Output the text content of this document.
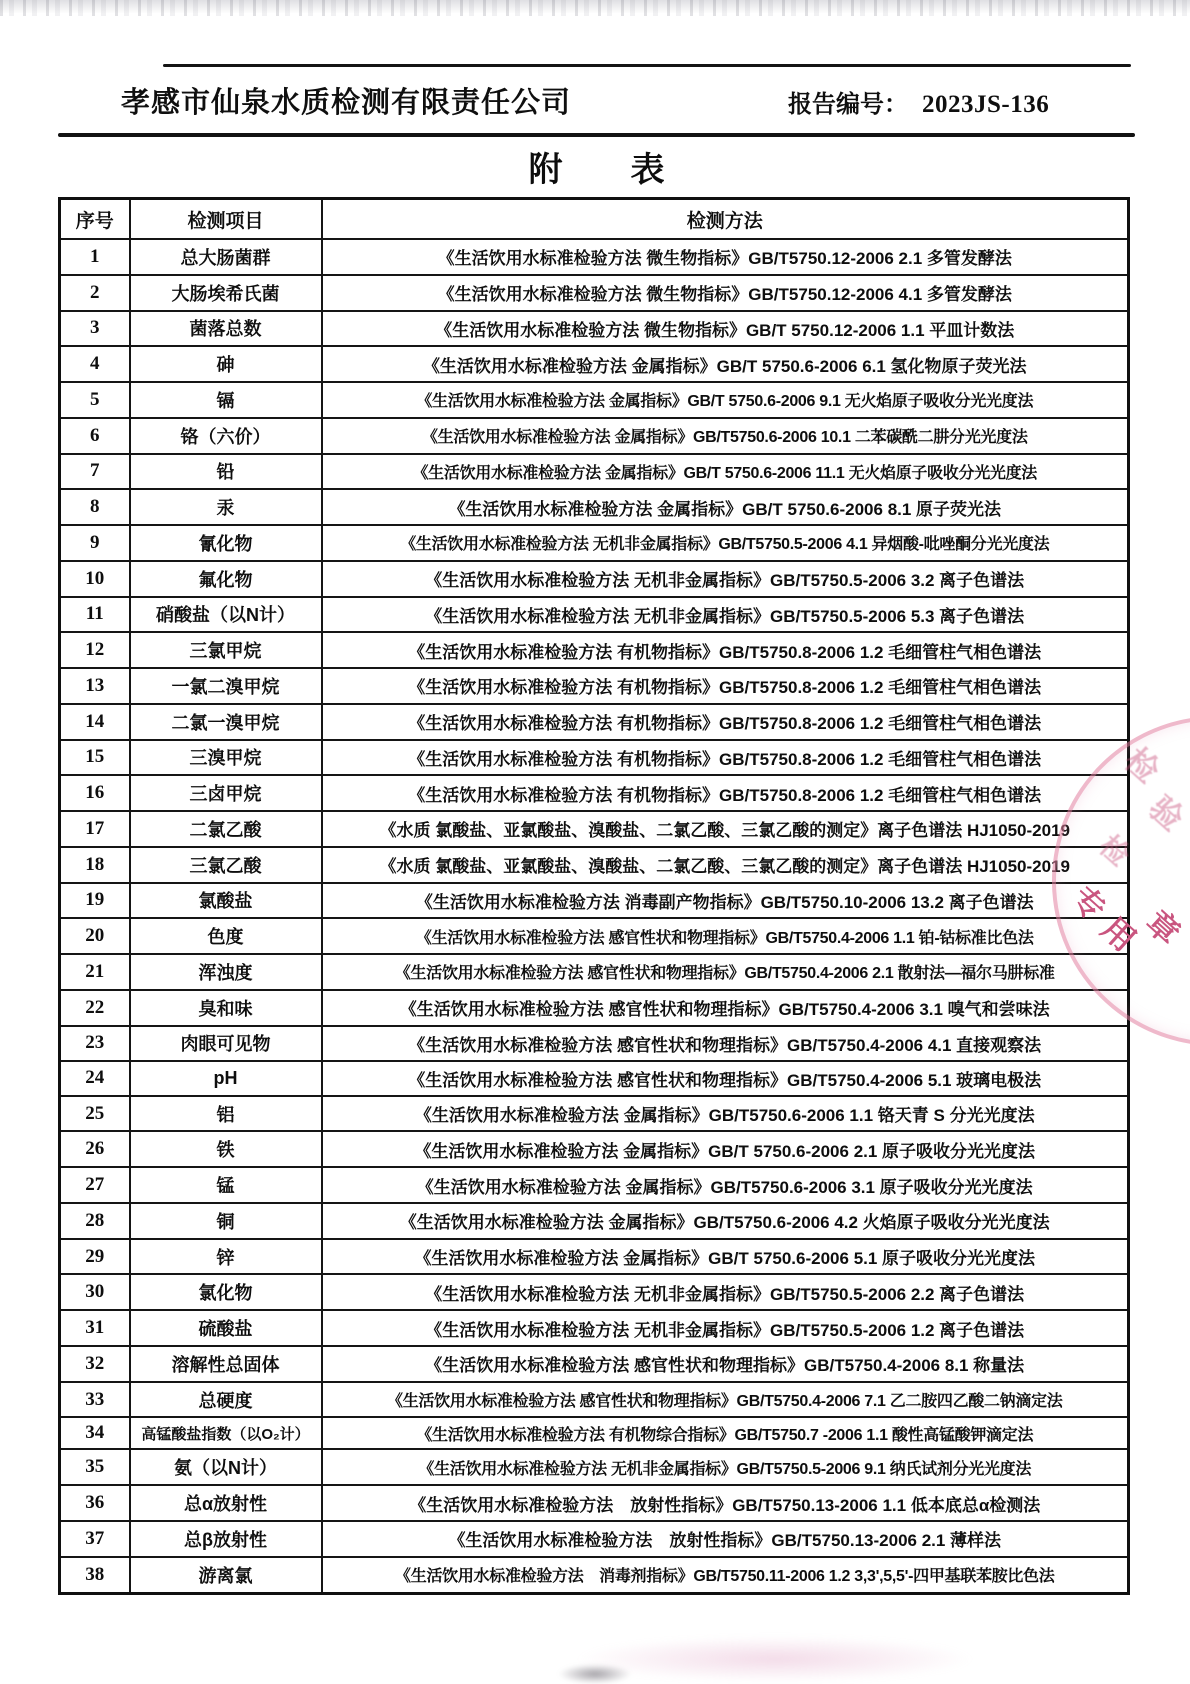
孝感市仙泉水质检测有限责任公司	报告编号： 2023JS-136
附　　表
序号	检测项目	检测方法
1	总大肠菌群	《生活饮用水标准检验方法 微生物指标》GB/T5750.12-2006 2.1 多管发酵法
2	大肠埃希氏菌	《生活饮用水标准检验方法 微生物指标》GB/T5750.12-2006 4.1 多管发酵法
3	菌落总数	《生活饮用水标准检验方法 微生物指标》GB/T 5750.12-2006 1.1 平皿计数法
4	砷	《生活饮用水标准检验方法 金属指标》GB/T 5750.6-2006 6.1 氢化物原子荧光法
5	镉	《生活饮用水标准检验方法 金属指标》GB/T 5750.6-2006 9.1 无火焰原子吸收分光光度法
6	铬（六价）	《生活饮用水标准检验方法 金属指标》GB/T5750.6-2006 10.1 二苯碳酰二肼分光光度法
7	铅	《生活饮用水标准检验方法 金属指标》GB/T 5750.6-2006 11.1 无火焰原子吸收分光光度法
8	汞	《生活饮用水标准检验方法 金属指标》GB/T 5750.6-2006 8.1 原子荧光法
9	氰化物	《生活饮用水标准检验方法 无机非金属指标》GB/T5750.5-2006 4.1 异烟酸-吡唑酮分光光度法
10	氟化物	《生活饮用水标准检验方法 无机非金属指标》GB/T5750.5-2006 3.2 离子色谱法
11	硝酸盐（以N计）	《生活饮用水标准检验方法 无机非金属指标》GB/T5750.5-2006 5.3 离子色谱法
12	三氯甲烷	《生活饮用水标准检验方法 有机物指标》GB/T5750.8-2006 1.2 毛细管柱气相色谱法
13	一氯二溴甲烷	《生活饮用水标准检验方法 有机物指标》GB/T5750.8-2006 1.2 毛细管柱气相色谱法
14	二氯一溴甲烷	《生活饮用水标准检验方法 有机物指标》GB/T5750.8-2006 1.2 毛细管柱气相色谱法
15	三溴甲烷	《生活饮用水标准检验方法 有机物指标》GB/T5750.8-2006 1.2 毛细管柱气相色谱法
16	三卤甲烷	《生活饮用水标准检验方法 有机物指标》GB/T5750.8-2006 1.2 毛细管柱气相色谱法
17	二氯乙酸	《水质 氯酸盐、亚氯酸盐、溴酸盐、二氯乙酸、三氯乙酸的测定》离子色谱法 HJ1050-2019
18	三氯乙酸	《水质 氯酸盐、亚氯酸盐、溴酸盐、二氯乙酸、三氯乙酸的测定》离子色谱法 HJ1050-2019
19	氯酸盐	《生活饮用水标准检验方法 消毒副产物指标》GB/T5750.10-2006 13.2 离子色谱法
20	色度	《生活饮用水标准检验方法 感官性状和物理指标》GB/T5750.4-2006 1.1 铂-钴标准比色法
21	浑浊度	《生活饮用水标准检验方法 感官性状和物理指标》GB/T5750.4-2006 2.1 散射法—福尔马肼标准
22	臭和味	《生活饮用水标准检验方法 感官性状和物理指标》GB/T5750.4-2006 3.1 嗅气和尝味法
23	肉眼可见物	《生活饮用水标准检验方法 感官性状和物理指标》GB/T5750.4-2006 4.1 直接观察法
24	pH	《生活饮用水标准检验方法 感官性状和物理指标》GB/T5750.4-2006 5.1 玻璃电极法
25	铝	《生活饮用水标准检验方法 金属指标》GB/T5750.6-2006 1.1 铬天青 S 分光光度法
26	铁	《生活饮用水标准检验方法 金属指标》GB/T 5750.6-2006 2.1 原子吸收分光光度法
27	锰	《生活饮用水标准检验方法 金属指标》GB/T5750.6-2006 3.1 原子吸收分光光度法
28	铜	《生活饮用水标准检验方法 金属指标》GB/T5750.6-2006 4.2 火焰原子吸收分光光度法
29	锌	《生活饮用水标准检验方法 金属指标》GB/T 5750.6-2006 5.1 原子吸收分光光度法
30	氯化物	《生活饮用水标准检验方法 无机非金属指标》GB/T5750.5-2006 2.2 离子色谱法
31	硫酸盐	《生活饮用水标准检验方法 无机非金属指标》GB/T5750.5-2006 1.2 离子色谱法
32	溶解性总固体	《生活饮用水标准检验方法 感官性状和物理指标》GB/T5750.4-2006 8.1 称量法
33	总硬度	《生活饮用水标准检验方法 感官性状和物理指标》GB/T5750.4-2006 7.1 乙二胺四乙酸二钠滴定法
34	高锰酸盐指数（以O₂计）	《生活饮用水标准检验方法 有机物综合指标》GB/T5750.7 -2006 1.1 酸性高锰酸钾滴定法
35	氨（以N计）	《生活饮用水标准检验方法 无机非金属指标》GB/T5750.5-2006 9.1 纳氏试剂分光光度法
36	总α放射性	《生活饮用水标准检验方法　放射性指标》GB/T5750.13-2006 1.1 低本底总α检测法
37	总β放射性	《生活饮用水标准检验方法　放射性指标》GB/T5750.13-2006 2.1 薄样法
38	游离氯	《生活饮用水标准检验方法　消毒剂指标》GB/T5750.11-2006 1.2 3,3',5,5'-四甲基联苯胺比色法
检
验
检
专
用
章
